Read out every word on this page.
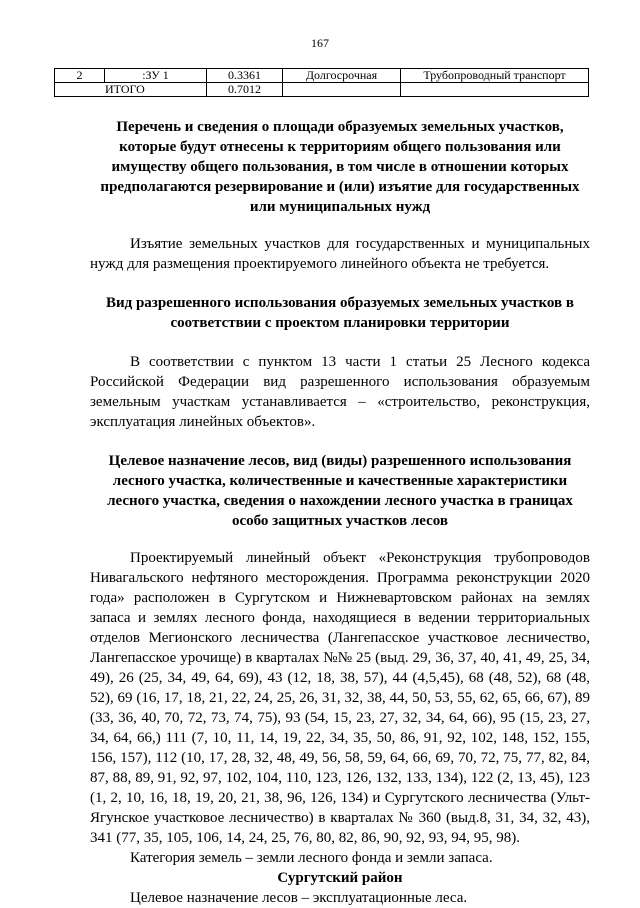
167
2	:ЗУ 1	0.3361	Долгосрочная	Трубопроводный транспорт
ИТОГО		0.7012		

Перечень и сведения о площади образуемых земельных участков, которые будут отнесены к территориям общего пользования или имуществу общего пользования, в том числе в отношении которых предполагаются резервирование и (или) изъятие для государственных или муниципальных нужд

Изъятие земельных участков для государственных и муниципальных нужд для размещения проектируемого линейного объекта не требуется.

Вид разрешенного использования образуемых земельных участков в соответствии с проектом планировки территории

В соответствии с пунктом 13 части 1 статьи 25 Лесного кодекса Российской Федерации вид разрешенного использования образуемым земельным участкам устанавливается – «строительство, реконструкция, эксплуатация линейных объектов».

Целевое назначение лесов, вид (виды) разрешенного использования лесного участка, количественные и качественные характеристики лесного участка, сведения о нахождении лесного участка в границах особо защитных участков лесов

Проектируемый линейный объект «Реконструкция трубопроводов Нивагальского нефтяного месторождения. Программа реконструкции 2020 года» расположен в Сургутском и Нижневартовском районах на землях запаса и землях лесного фонда, находящиеся в ведении территориальных отделов Мегионского лесничества (Лангепасское участковое лесничество, Лангепасское урочище) в кварталах №№ 25 (выд. 29, 36, 37, 40, 41, 49, 25, 34, 49), 26 (25, 34, 49, 64, 69), 43 (12, 18, 38, 57), 44 (4,5,45), 68 (48, 52), 68 (48, 52), 69 (16, 17, 18, 21, 22, 24, 25, 26, 31, 32, 38, 44, 50, 53, 55, 62, 65, 66, 67), 89 (33, 36, 40, 70, 72, 73, 74, 75), 93 (54, 15, 23, 27, 32, 34, 64, 66), 95 (15, 23, 27, 34, 64, 66,) 111 (7, 10, 11, 14, 19, 22, 34, 35, 50, 86, 91, 92, 102, 148, 152, 155, 156, 157), 112 (10, 17, 28, 32, 48, 49, 56, 58, 59, 64, 66, 69, 70, 72, 75, 77, 82, 84, 87, 88, 89, 91, 92, 97, 102, 104, 110, 123, 126, 132, 133, 134), 122 (2, 13, 45), 123 (1, 2, 10, 16, 18, 19, 20, 21, 38, 96, 126, 134) и Сургутского лесничества (Ульт-Ягунское участковое лесничество) в кварталах № 360 (выд.8, 31, 34, 32, 43), 341 (77, 35, 105, 106, 14, 24, 25, 76, 80, 82, 86, 90, 92, 93, 94, 95, 98).

Категория земель – земли лесного фонда и земли запаса.

Сургутский район

Целевое назначение лесов – эксплуатационные леса.
